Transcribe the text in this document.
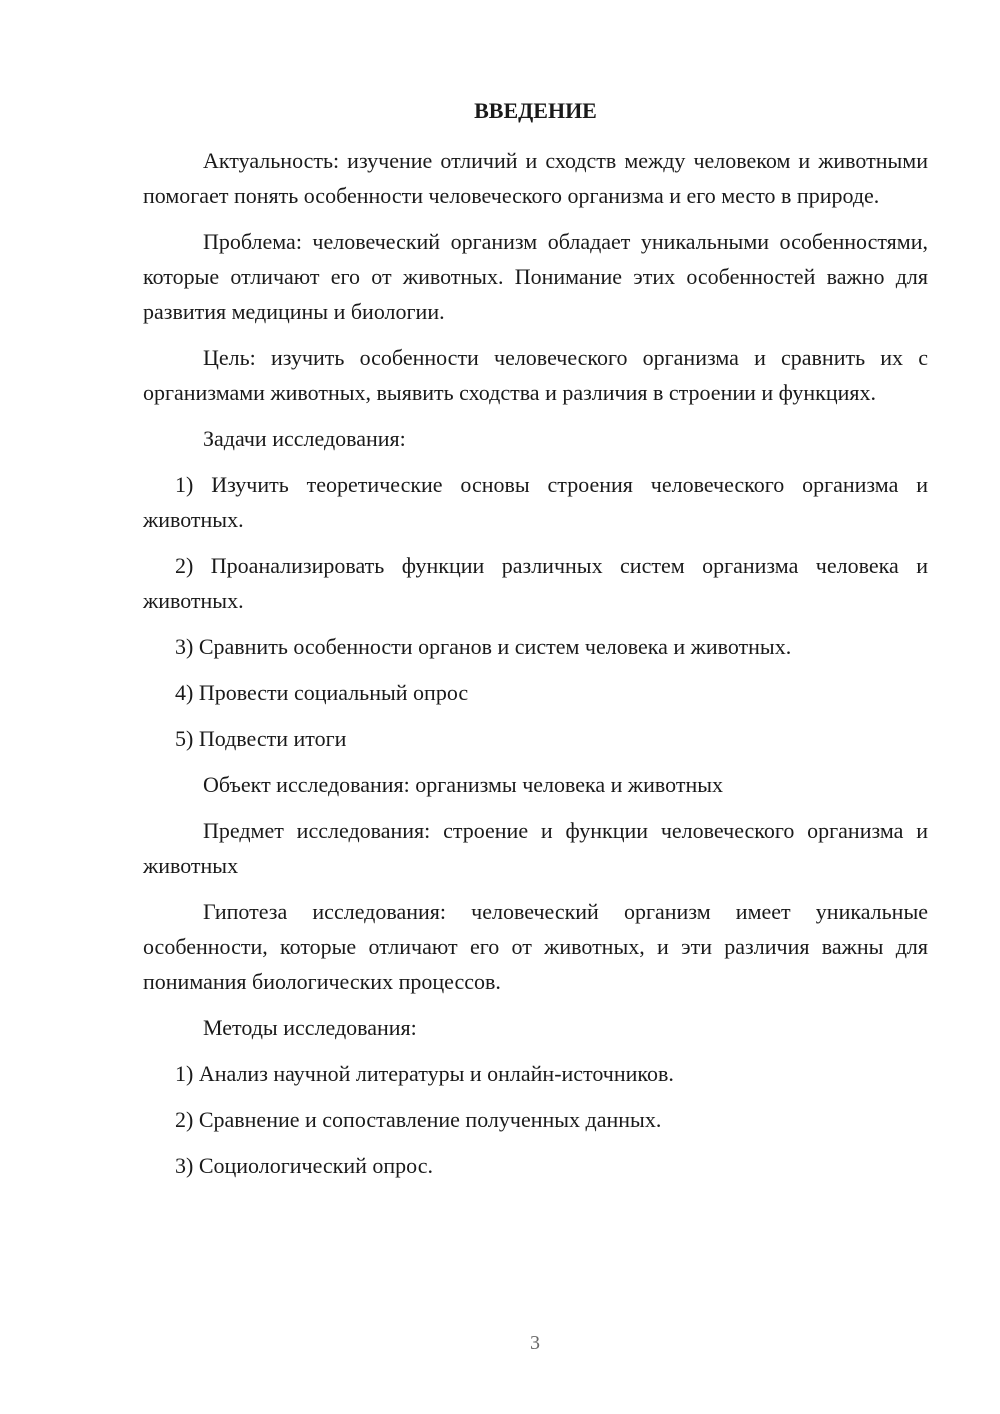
ВВЕДЕНИЕ

Актуальность: изучение отличий и сходств между человеком и животными помогает понять особенности человеческого организма и его место в природе.

Проблема: человеческий организм обладает уникальными особенностями, которые отличают его от животных. Понимание этих особенностей важно для развития медицины и биологии.

Цель: изучить особенности человеческого организма и сравнить их с организмами животных, выявить сходства и различия в строении и функциях.

Задачи исследования:

1) Изучить теоретические основы строения человеческого организма и животных.

2) Проанализировать функции различных систем организма человека и животных.

3) Сравнить особенности органов и систем человека и животных.

4) Провести социальный опрос

5) Подвести итоги

Объект исследования: организмы человека и животных

Предмет исследования: строение и функции человеческого организма и животных

Гипотеза исследования: человеческий организм имеет уникальные особенности, которые отличают его от животных, и эти различия важны для понимания биологических процессов.

Методы исследования:

1) Анализ научной литературы и онлайн-источников.

2) Сравнение и сопоставление полученных данных.

3) Социологический опрос.

3
